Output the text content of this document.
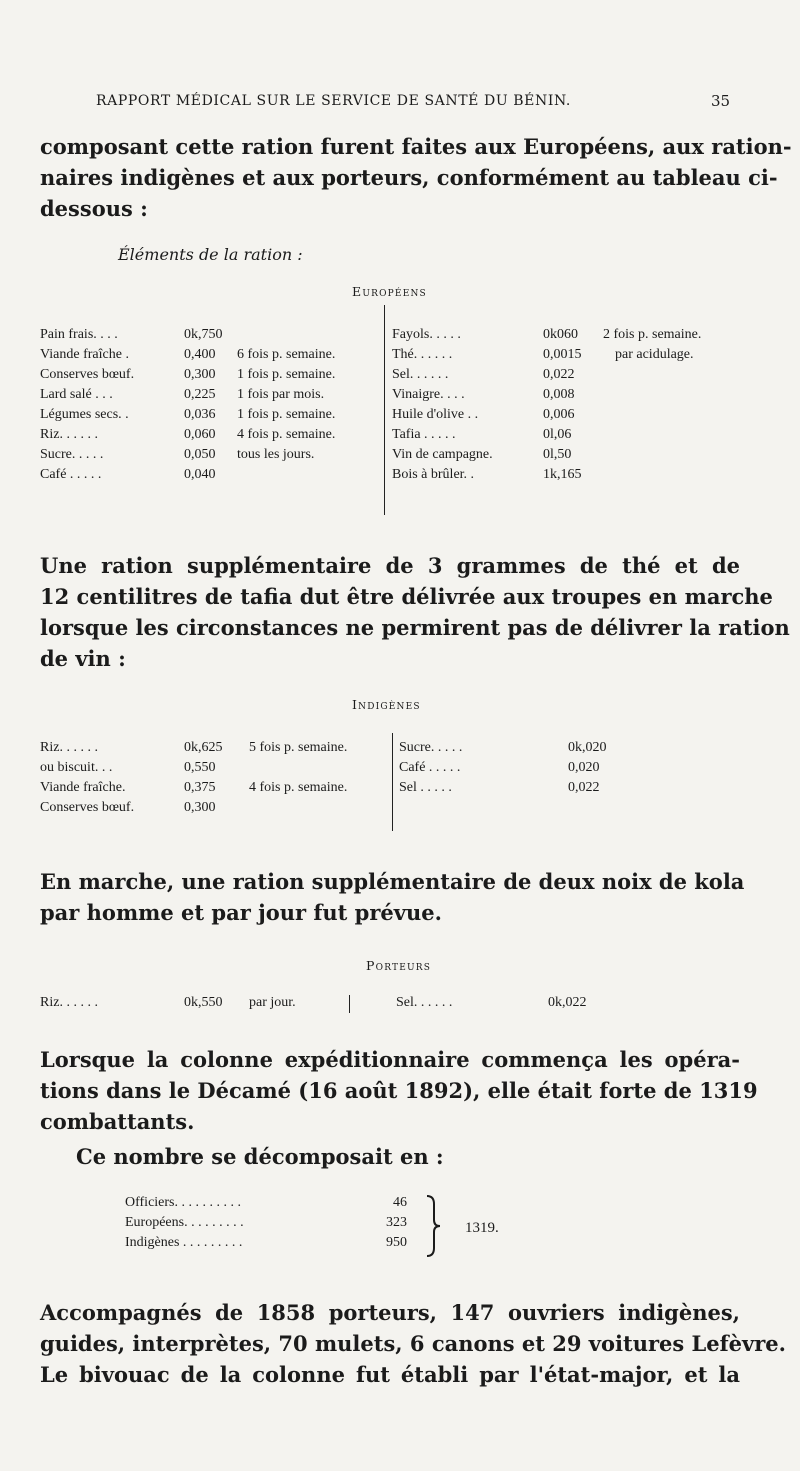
RAPPORT MÉDICAL SUR LE SERVICE DE SANTÉ DU BÉNIN.	35
composant cette ration furent faites aux Européens, aux ration-
naires indigènes et aux porteurs, conformément au tableau ci-
dessous :
Éléments de la ration :
Européens
Pain frais. . . .	0k,750	Fayols. . . . .	0k060 2 fois p. semaine.
Viande fraîche .	0,400 6 fois p. semaine.	Thé. . . . . .	0,0015 par acidulage.
Conserves bœuf.	0,300 1 fois p. semaine.	Sel. . . . . .	0,022
Lard salé . . .	0,225 1 fois par mois.	Vinaigre. . . .	0,008
Légumes secs. .	0,036 1 fois p. semaine.	Huile d'olive . .	0,006
Riz. . . . . .	0,060 4 fois p. semaine.	Tafia . . . . .	0l,06
Sucre. . . . .	0,050 tous les jours.	Vin de campagne.	0l,50
Café . . . . .	0,040	Bois à brûler. .	1k,165
Une ration supplémentaire de 3 grammes de thé et de
12 centilitres de tafia dut être délivrée aux troupes en marche
lorsque les circonstances ne permirent pas de délivrer la ration
de vin :
Indigènes
Riz. . . . . .	0k,625 5 fois p. semaine.	Sucre. . . . .	0k,020
ou biscuit. . .	0,550	Café . . . . .	0,020
Viande fraîche.	0,375 4 fois p. semaine.	Sel . . . . .	0,022
Conserves bœuf.	0,300
En marche, une ration supplémentaire de deux noix de kola
par homme et par jour fut prévue.
Porteurs
Riz. . . . . .	0k,550 par jour.	Sel. . . . . .	0k,022
Lorsque la colonne expéditionnaire commença les opéra-
tions dans le Décamé (16 août 1892), elle était forte de 1319
combattants.
Ce nombre se décomposait en :
Officiers. . . . . . . . . .	46
Européens. . . . . . . . .	323
Indigènes . . . . . . . . .	950
1319.
Accompagnés de 1858 porteurs, 147 ouvriers indigènes,
guides, interprètes, 70 mulets, 6 canons et 29 voitures Lefèvre.
Le bivouac de la colonne fut établi par l'état-major, et la
